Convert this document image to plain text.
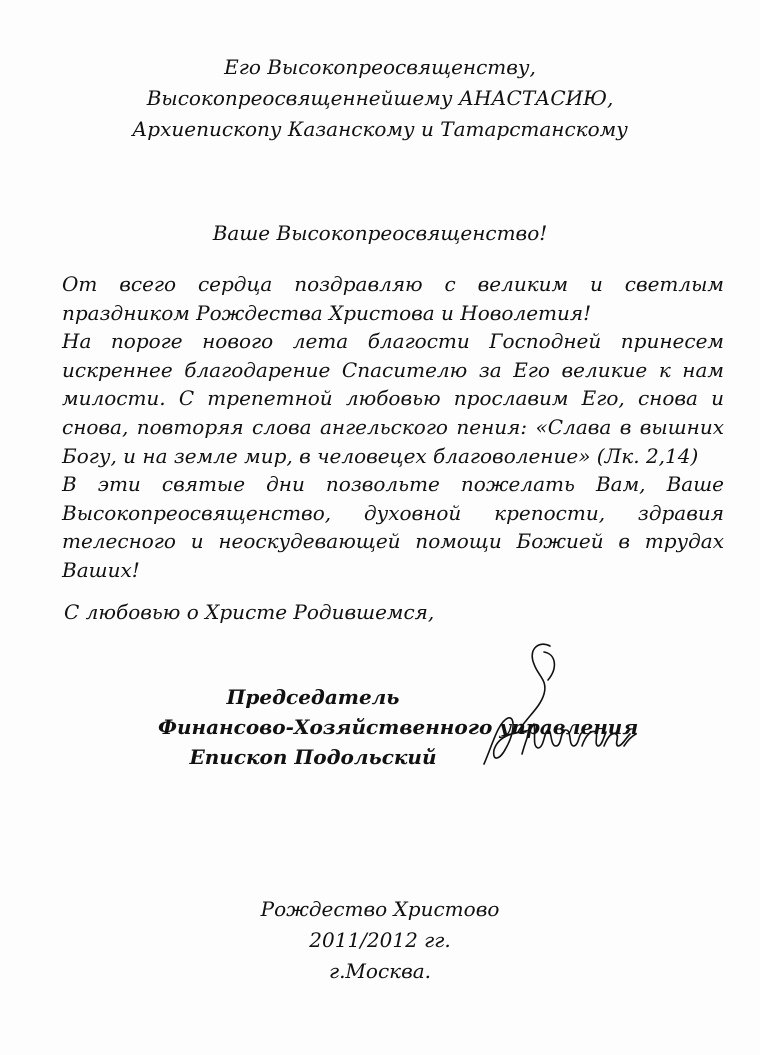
Его Высокопреосвященству,
Высокопреосвященнейшему АНАСТАСИЮ,
Архиепископу Казанскому и Татарстанскому
Ваше Высокопреосвященство!

От всего сердца поздравляю с великим и светлым праздником Рождества Христова и Новолетия!

На пороге нового лета благости Господней принесем искреннее благодарение Спасителю за Его великие к нам милости. С трепетной любовью прославим Его, снова и снова, повторяя слова ангельского пения: «Слава в вышних Богу, и на земле мир, в человецех благоволение» (Лк. 2,14)

В эти святые дни позвольте пожелать Вам, Ваше Высокопреосвященство, духовной крепости, здравия телесного и неоскудевающей помощи Божией в трудах Ваших!

С любовью о Христе Родившемся,
Председатель
Финансово-Хозяйственного управления
Епископ Подольский
Рождество Христово
2011/2012 гг.
г.Москва.
